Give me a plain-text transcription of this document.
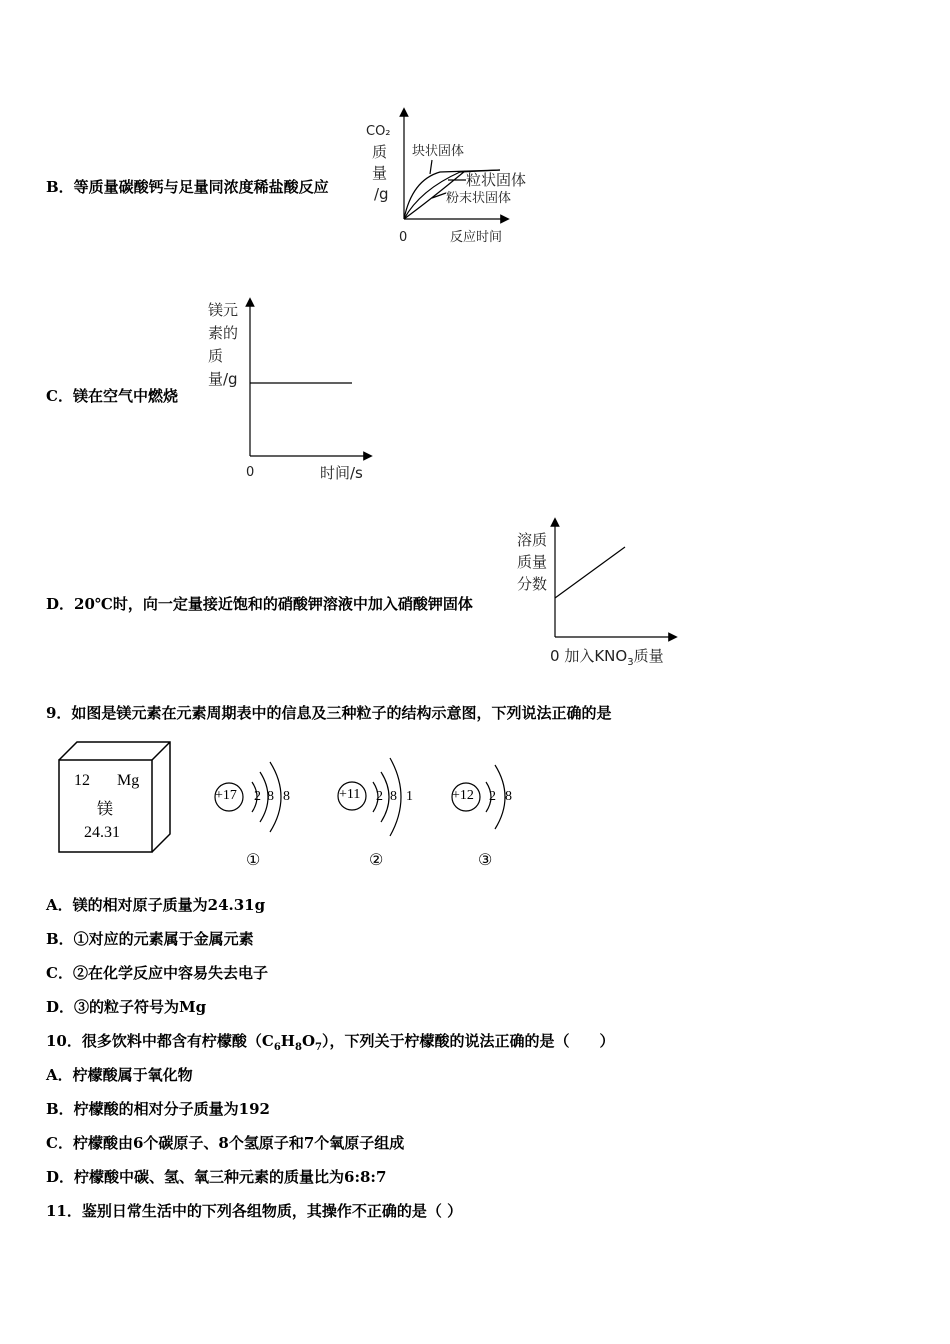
B．等质量碳酸钙与足量同浓度稀盐酸反应
CO₂
质
量
/g
块状固体
粒状固体
粉末状固体
0	反应时间
C．镁在空气中燃烧
镁元
素的
质
量/g
0	时间/s
D．20℃时，向一定量接近饱和的硝酸钾溶液中加入硝酸钾固体
溶质
质量
分数
0 加入$KNO_3$质量
9．如图是镁元素在元素周期表中的信息及三种粒子的结构示意图，下列说法正确的是
12 Mg
镁
24.31
+17 2 8 8
①
+11 2 8 1
②
+12 2 8
③
A．镁的相对原子质量为24.31g
B．①对应的元素属于金属元素
C．②在化学反应中容易失去电子
D．③的粒子符号为Mg
10．很多饮料中都含有柠檬酸$(C_6H_8O_7)$，下列关于柠檬酸的说法正确的是（　　）
A．柠檬酸属于氧化物
B．柠檬酸的相对分子质量为192
C．柠檬酸由6个碳原子、8个氢原子和7个氧原子组成
D．柠檬酸中碳、氢、氧三种元素的质量比为6:8:7
11．鉴别日常生活中的下列各组物质，其操作不正确的是（ ）
